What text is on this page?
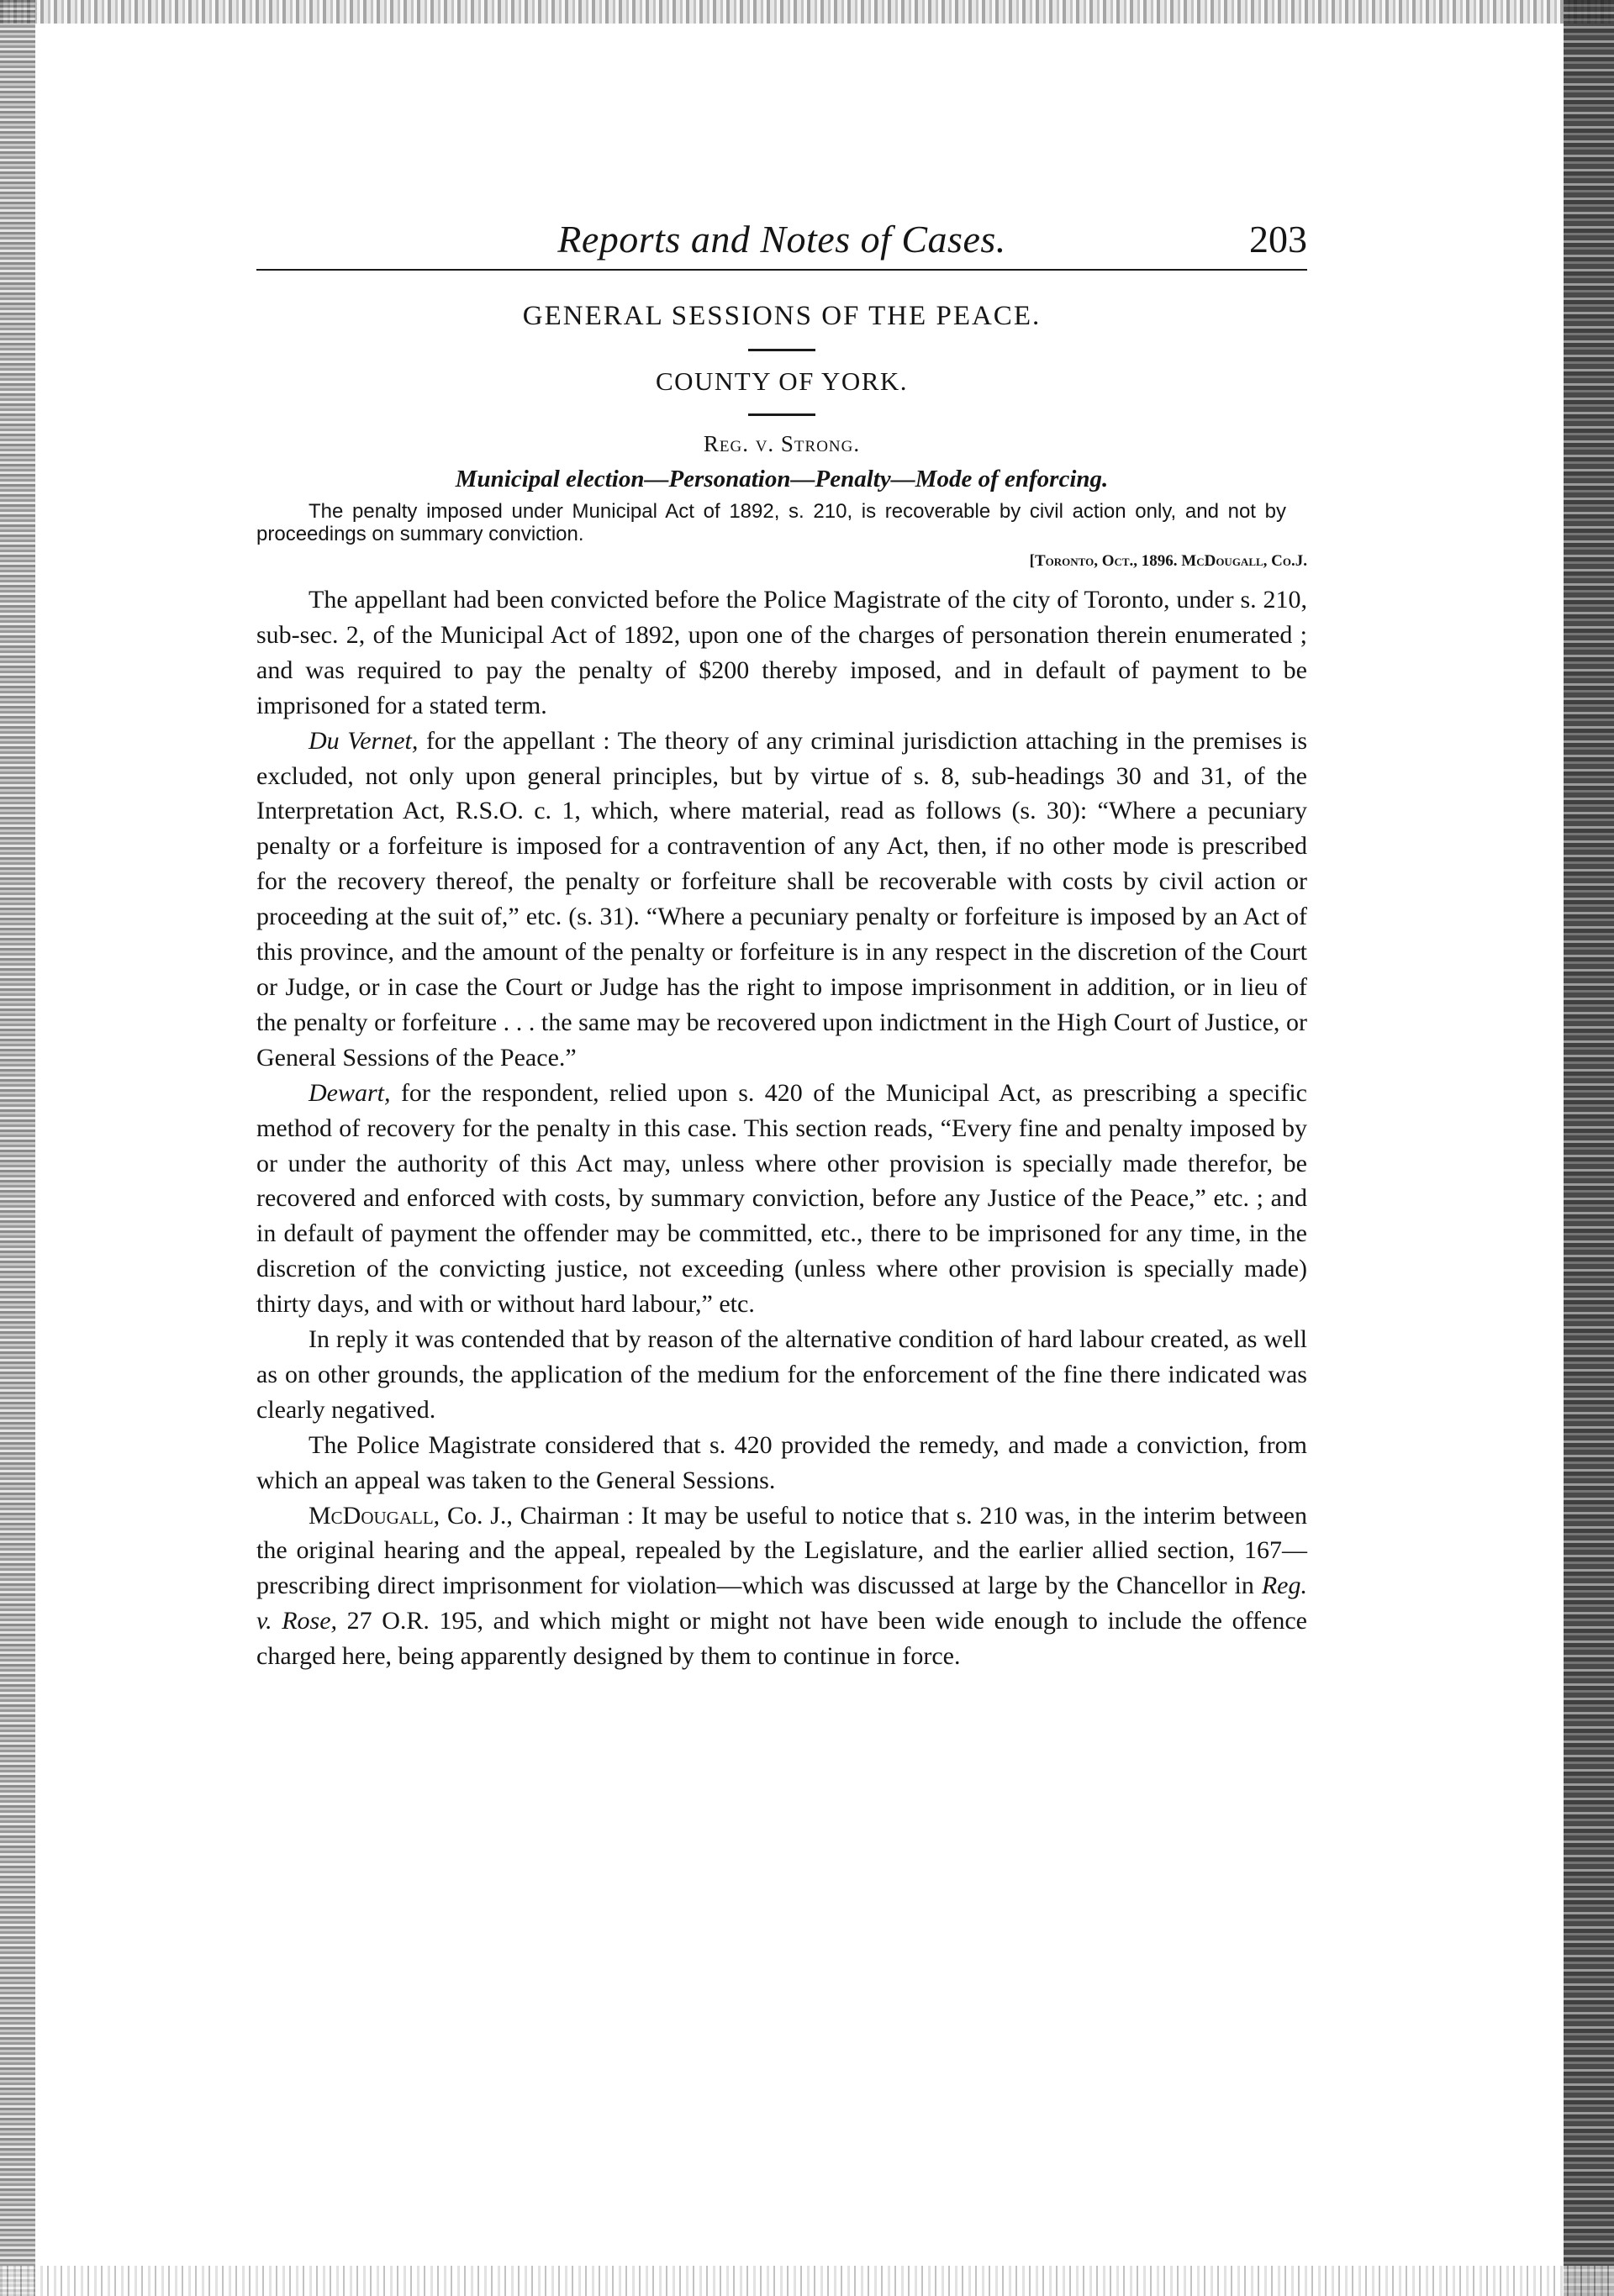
Reports and Notes of Cases.	203
GENERAL SESSIONS OF THE PEACE.
COUNTY OF YORK.
Reg. v. Strong.
Municipal election—Personation—Penalty—Mode of enforcing.
The penalty imposed under Municipal Act of 1892, s. 210, is recoverable by civil action only, and not by proceedings on summary conviction.
[Toronto, Oct., 1896. McDougall, Co.J.

The appellant had been convicted before the Police Magistrate of the city of Toronto, under s. 210, sub-sec. 2, of the Municipal Act of 1892, upon one of the charges of personation therein enumerated ; and was required to pay the penalty of $200 thereby imposed, and in default of payment to be imprisoned for a stated term.

Du Vernet, for the appellant : The theory of any criminal jurisdiction attaching in the premises is excluded, not only upon general principles, but by virtue of s. 8, sub-headings 30 and 31, of the Interpretation Act, R.S.O. c. 1, which, where material, read as follows (s. 30): “Where a pecuniary penalty or a forfeiture is imposed for a contravention of any Act, then, if no other mode is prescribed for the recovery thereof, the penalty or forfeiture shall be recoverable with costs by civil action or proceeding at the suit of,” etc. (s. 31). “Where a pecuniary penalty or forfeiture is imposed by an Act of this province, and the amount of the penalty or forfeiture is in any respect in the discretion of the Court or Judge, or in case the Court or Judge has the right to impose imprisonment in addition, or in lieu of the penalty or forfeiture . . . the same may be recovered upon indictment in the High Court of Justice, or General Sessions of the Peace.”

Dewart, for the respondent, relied upon s. 420 of the Municipal Act, as prescribing a specific method of recovery for the penalty in this case. This section reads, “Every fine and penalty imposed by or under the authority of this Act may, unless where other provision is specially made therefor, be recovered and enforced with costs, by summary conviction, before any Justice of the Peace,” etc. ; and in default of payment the offender may be committed, etc., there to be imprisoned for any time, in the discretion of the convicting justice, not exceeding (unless where other provision is specially made) thirty days, and with or without hard labour,” etc.

In reply it was contended that by reason of the alternative condition of hard labour created, as well as on other grounds, the application of the medium for the enforcement of the fine there indicated was clearly negatived.

The Police Magistrate considered that s. 420 provided the remedy, and made a conviction, from which an appeal was taken to the General Sessions.

McDougall, Co. J., Chairman : It may be useful to notice that s. 210 was, in the interim between the original hearing and the appeal, repealed by the Legislature, and the earlier allied section, 167—prescribing direct imprisonment for violation—which was discussed at large by the Chancellor in Reg. v. Rose, 27 O.R. 195, and which might or might not have been wide enough to include the offence charged here, being apparently designed by them to continue in force.
